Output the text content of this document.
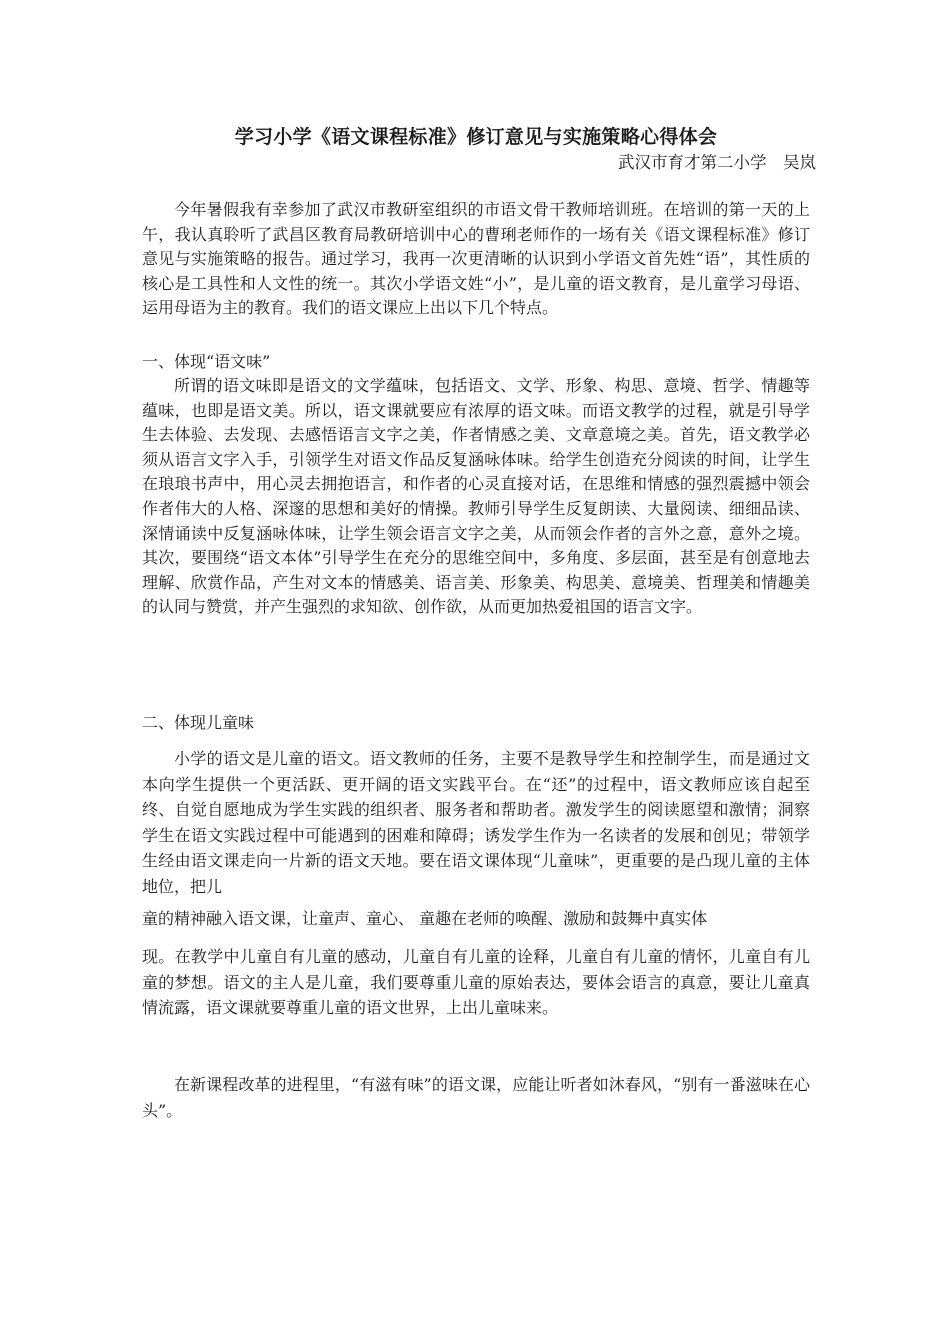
学习小学《语文课程标准》修订意见与实施策略心得体会
武汉市育才第二小学　吴岚

今年暑假我有幸参加了武汉市教研室组织的市语文骨干教师培训班。在培训的第一天的上午，我认真聆听了武昌区教育局教研培训中心的曹琍老师作的一场有关《语文课程标准》修订意见与实施策略的报告。通过学习，我再一次更清晰的认识到小学语文首先姓“语”，其性质的核心是工具性和人文性的统一。其次小学语文姓“小”，是儿童的语文教育，是儿童学习母语、运用母语为主的教育。我们的语文课应上出以下几个特点。

一、体现“语文味”

所谓的语文味即是语文的文学蕴味，包括语文、文学、形象、构思、意境、哲学、情趣等蕴味，也即是语文美。所以，语文课就要应有浓厚的语文味。而语文教学的过程，就是引导学生去体验、去发现、去感悟语言文字之美，作者情感之美、文章意境之美。首先，语文教学必须从语言文字入手，引领学生对语文作品反复涵咏体味。给学生创造充分阅读的时间，让学生在琅琅书声中，用心灵去拥抱语言，和作者的心灵直接对话，在思维和情感的强烈震撼中领会作者伟大的人格、深邃的思想和美好的情操。教师引导学生反复朗读、大量阅读、细细品读、深情诵读中反复涵咏体味，让学生领会语言文字之美，从而领会作者的言外之意，意外之境。其次，要围绕“语文本体”引导学生在充分的思维空间中，多角度、多层面，甚至是有创意地去理解、欣赏作品，产生对文本的情感美、语言美、形象美、构思美、意境美、哲理美和情趣美的认同与赞赏，并产生强烈的求知欲、创作欲，从而更加热爱祖国的语言文字。

二、体现儿童味

小学的语文是儿童的语文。语文教师的任务，主要不是教导学生和控制学生，而是通过文本向学生提供一个更活跃、更开阔的语文实践平台。在“还”的过程中，语文教师应该自起至终、自觉自愿地成为学生实践的组织者、服务者和帮助者。激发学生的阅读愿望和激情；洞察学生在语文实践过程中可能遇到的困难和障碍；诱发学生作为一名读者的发展和创见；带领学生经由语文课走向一片新的语文天地。要在语文课体现“儿童味”，更重要的是凸现儿童的主体地位，把儿

童的精神融入语文课，让童声、童心、 童趣在老师的唤醒、激励和鼓舞中真实体

现。在教学中儿童自有儿童的感动，儿童自有儿童的诠释，儿童自有儿童的情怀，儿童自有儿童的梦想。语文的主人是儿童，我们要尊重儿童的原始表达，要体会语言的真意，要让儿童真情流露，语文课就要尊重儿童的语文世界，上出儿童味来。

在新课程改革的进程里，“有滋有味”的语文课，应能让听者如沐春风，“别有一番滋味在心头”。
